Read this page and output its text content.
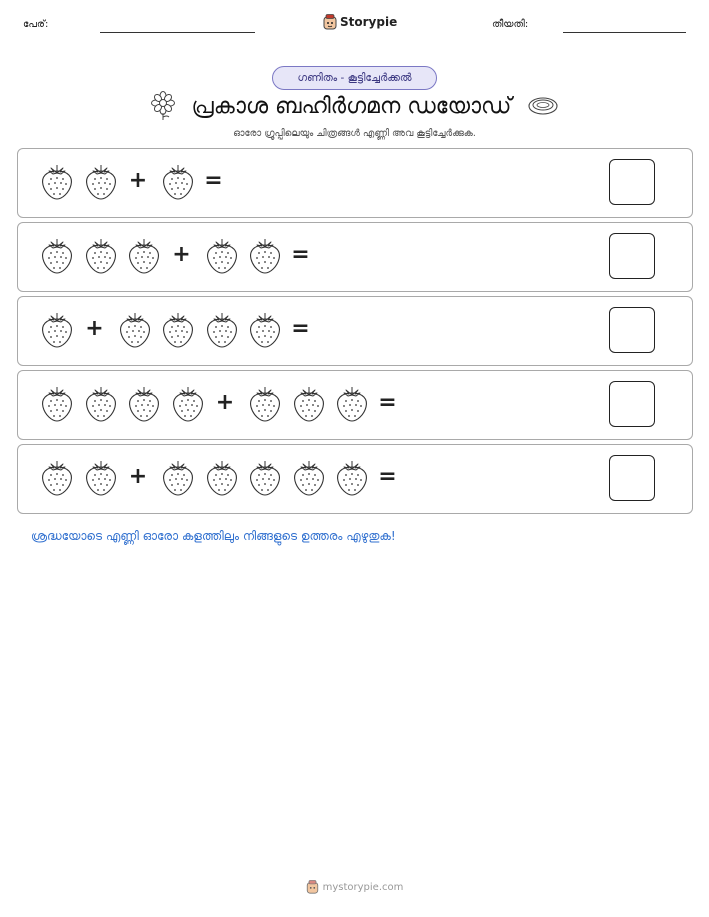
പേര്:	Storypie	തീയതി:
ഗണിതം - കൂട്ടിച്ചേർക്കൽ
പ്രകാശ ബഹിർഗമന ഡയോഡ്
ഓരോ ഗ്രൂപ്പിലെയും ചിത്രങ്ങൾ എണ്ണി അവ കൂട്ടിച്ചേർക്കുക.
+	=
+	=
+	=
+	=
+	=
ശ്രദ്ധയോടെ എണ്ണി ഓരോ കളത്തിലും നിങ്ങളുടെ ഉത്തരം എഴുതുക!
mystorypie.com
